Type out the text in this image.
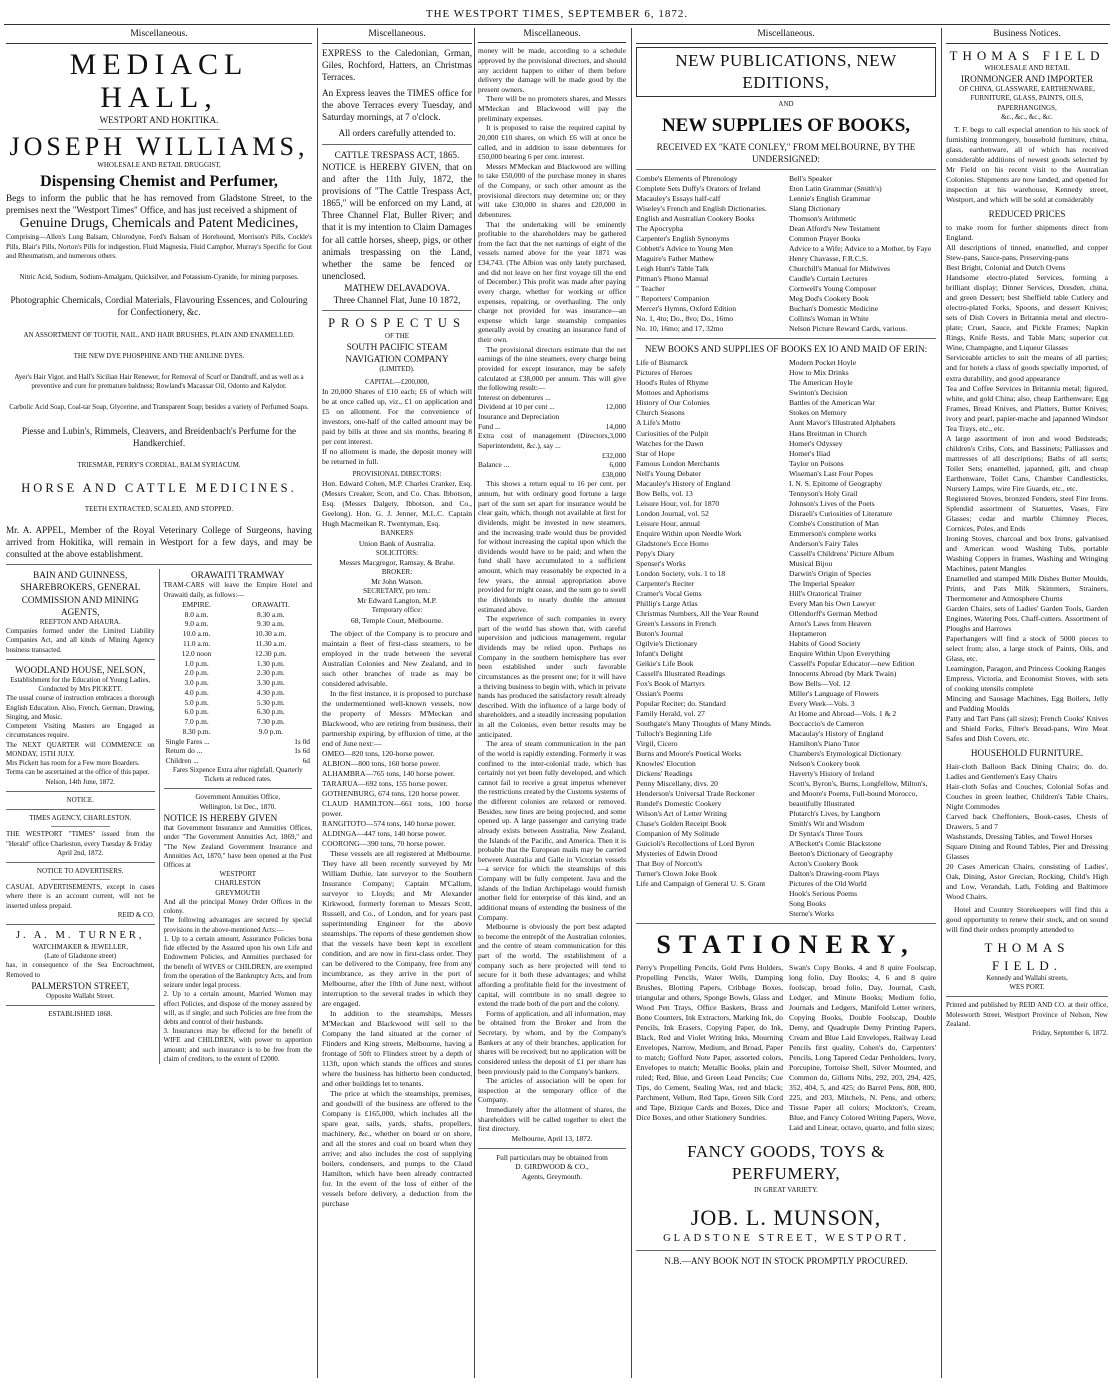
THE WESTPORT TIMES, SEPTEMBER 6, 1872.
Miscellaneous.
MEDIACL HALL,
WESTPORT AND HOKITIKA.
JOSEPH WILLIAMS,
WHOLESALE AND RETAIL DRUGGIST,
Dispensing Chemist and Perfumer,
Begs to inform the public that he has removed from Gladstone Street, to the premises next the "Westport Times" Office, and has just received a shipment of
Genuine Drugs, Chemicals and Patent Medicines,
Comprising—Allen's Lung Balsam, Chlorodyne, Ford's Balsam of Horehound, Morrison's Pills, Cockle's Pills, Blair's Pills, Norton's Pills for indigestion, Fluid Magnesia, Fluid Camphor, Murray's Specific for Gout and Rheumatism, and numerous others.
Nitric Acid, Sodium, Sodium-Amalgam, Quicksilver, and Potassium-Cyanide, for mining purposes.
Photographic Chemicals, Cordial Materials, Flavouring Essences, and Colouring for Confectionery, &c.
AN ASSORTMENT OF TOOTH, NAIL, AND HAIR BRUSHES, PLAIN AND ENAMELLED.
THE NEW DYE PHOSPHINE AND THE ANILINE DYES.
Ayer's Hair Vigor, and Hall's Sicilian Hair Renewer, for Removal of Scurf or Dandruff, and as well as a preventive and cure for premature baldness; Rowland's Macassar Oil, Odonto and Kalydor.
Carbolic Acid Soap, Coal-tar Soap, Glycerine, and Transparent Soap; besides a variety of Perfumed Soaps.
Piesse and Lubin's, Rimmels, Cleavers, and Breidenbach's Perfume for the Handkerchief.
TRIESMAR, PERRY'S CORDIAL, BALM SYRIACUM.
HORSE AND CATTLE MEDICINES.
TEETH EXTRACTED, SCALED, AND STOPPED.
Mr. A. APPEL, Member of the Royal Veterinary College of Surgeons, having arrived from Hokitika, will remain in Westport for a few days, and may be consulted at the above establishment.
BAIN AND GUINNESS, SHAREBROKERS, GENERAL COMMISSION AND MINING AGENTS,
REEFTON AND AHAURA.
Companies formed under the Limited Liability Companies Act, and all kinds of Mining Agency business transacted.
WOODLAND HOUSE, NELSON,
Establishment for the Education of Young Ladies,
Conducted by Mrs PICKETT.
The usual course of instruction embraces a thorough English Education. Also, French, German, Drawing, Singing, and Music.
Competent Visiting Masters are Engaged as circumstances require.
The NEXT QUARTER will COMMENCE on MONDAY, 15TH JULY.
Mrs Pickett has room for a Few more Boarders.
Terms can be ascertained at the office of this paper.
Nelson, 14th June, 1872.
NOTICE.
TIMES AGENCY, CHARLESTON.
THE WESTPORT "TIMES" issued from the "Herald" office Charleston, every Tuesday & Friday
April 2nd, 1872.
NOTICE TO ADVERTISERS.
CASUAL ADVERTISEMENTS, except in cases where there is an account current, will not be inserted unless prepaid.
REID & CO.
J. A. M. TURNER,
WATCHMAKER & JEWELLER,
(Late of Gladstone street)
has, in consequence of the Sea Encroachment, Removed to
PALMERSTON STREET,
Opposite Wallabi Street.
ESTABLISHED 1868.
ORAWAITI TRAMWAY
TRAM-CARS will leave the Empire Hotel and Orawaiti daily, as follows:—
EMPIRE.	ORAWAITI.
8.0 a.m.	8.30 a.m.
9.0 a.m.	9.30 a.m.
10.0 a.m.	10.30 a.m.
11.0 a.m.	11.30 a.m.
12.0 noon	12.30 p.m.
1.0 p.m.	1.30 p.m.
2.0 p.m.	2.30 p.m.
3.0 p.m.	3.30 p.m.
4.0 p.m.	4.30 p.m.
5.0 p.m.	5.30 p.m.
6.0 p.m.	6.30 p.m.
7.0 p.m.	7.30 p.m.
8.30 p.m.	9.0 p.m.
Single Fares ...	1s 0d
Return do ...	1s 6d
Children ...	6d
Fares Sixpence Extra after nightfall. Quarterly Tickets at reduced rates.
Government Annuities Office,
Wellington, 1st Dec., 1870.
NOTICE IS HEREBY GIVEN
that Government Insurance and Annuities Offices, under "The Government Annuities Act, 1869," and "The New Zealand Government Insurance and Annuities Act, 1870," have been opened at the Post Offices at
WESTPORT
CHARLESTON
GREYMOUTH
And all the principal Money Order Offices in the colony.
The following advantages are secured by special provisions in the above-mentioned Acts:—
1. Up to a certain amount, Assurance Policies bona fide effected by the Assured upon his own Life and Endowment Policies, and Annuities purchased for the benefit of WIVES or CHILDREN, are exempted from the operation of the Bankruptcy Acts, and from seizure under legal process.
2. Up to a certain amount, Married Women may effect Policies, and dispose of the money assured by will, as if single; and such Policies are free from the debts and control of their husbands.
3. Insurances may be effected for the benefit of WIFE and CHILDREN, with power to apportion amount; and such insurance is to be free from the claim of creditors, to the extent of £2000.
Miscellaneous.
EXPRESS to the Caledonian, Grman, Giles, Rochford, Hatters, an Christmas Terraces.
An Express leaves the TIMES office for the above Terraces every Tuesday, and Saturday mornings, at 7 o'clock.
All orders carefully attended to.
CATTLE TRESPASS ACT, 1865.
NOTICE is HEREBY GIVEN, that on and after the 11th July, 1872, the provisions of "The Cattle Trespass Act, 1865," will be enforced on my Land, at Three Channel Flat, Buller River; and that it is my intention to Claim Damages for all cattle horses, sheep, pigs, or other animals trespassing on the Land, whether the same be fenced or unenclosed.
MATHEW DELAVADOVA.
Three Channel Flat, June 10 1872,
PROSPECTUS
OF THE
SOUTH PACIFIC STEAM NAVIGATION COMPANY
(LIMITED).
CAPITAL—£200,000,
In 20,000 Shares of £10 each; £6 of which will be at once called up, viz., £1 on application and £5 on allotment. For the convenience of investors, one-half of the called amount may be paid by bills at three and six months, bearing 8 per cent interest.
If no allotment is made, the deposit money will be returned in full.
PROVISIONAL DIRECTORS:
Hon. Edward Cohen, M.P. Charles Cranker, Esq. (Messrs Creaker, Scott, and Co. Chas. Ibbotson, Esq. (Messrs Dalgety, Ibbotson, and Co., Geelong). Hon. G. J. Jenner, M.L.C. Captain Hugh Macmeikan R. Twentyman, Esq.
BANKERS
Union Bank of Australia.
SOLICITORS:
Messrs Macgregor, Ramsay, & Brahe.
BROKER:
Mr John Watson.
SECRETARY, pro tem.:
Mr Edward Langton, M.P.
Temporary office:
68, Temple Court, Melbourne.
The object of the Company is to procure and maintain a fleet of first-class steamers, to be employed in the trade between the several Australian Colonies and New Zealand, and in such other branches of trade as may be considered advisable.
In the first instance, it is proposed to purchase the undermentioned well-known vessels, now the property of Messrs M'Meckan and Blackwood, who are retiring from business, their partnership expiring, by effluxion of time, at the end of June next:—
OMEO—820 tons, 120-horse power.
ALBION—800 tons, 160 horse power.
ALHAMBRA—765 tons, 140 horse power.
TARARUA—692 tons, 155 horse power.
GOTHENBURG, 674 tons, 120 horse power.
CLAUD HAMILTON—661 tons, 100 horse power.
RANGITOTO—574 tons, 140 horse power.
ALDINGA—447 tons, 140 horse power.
COORONG—390 tons, 70 horse power.
These vessels are all registered at Melbourne. They have all been recently surveyed by Mr William Duthie, late surveyor to the Southern Insurance Company; Captain M'Callum, surveyor to Lloyds; and Mr Alexander Kirkwood, formerly foreman to Messrs Scott, Russell, and Co., of London, and for years past superintending Engineer for the above steamships. The reports of these gentlemen show that the vessels have been kept in excellent condition, and are now in first-class order. They can be delivered to the Company, free from any incumbrance, as they arrive in the port of Melbourne, after the 10th of June next, without interruption to the several trades in which they are engaged.
In addition to the steamships, Messrs M'Meckan and Blackwood will sell to the Company the land situated at the corner of Flinders and King streets, Melbourne, having a frontage of 50ft to Flinders street by a depth of 113ft, upon which stands the offices and stores where the business has hitherto been conducted, and other buildings let to tenants.
The price at which the steamships, premises, and goodwill of the business are offered to the Company is £165,000, which includes all the spare gear, sails, yards, shafts, propellers, machinery, &c., whether on board or on shore, and all the stores and coal on board when they arrive; and also includes the cost of supplying boilers, condensers, and pumps to the Claud Hamilton, which have been already contracted for. In the event of the loss of either of the vessels before delivery, a deduction from the purchase
Miscellaneous.
NEW PUBLICATIONS, NEW EDITIONS,
AND
NEW SUPPLIES OF BOOKS,
RECEIVED EX "KATE CONLEY," FROM MELBOURNE, BY THE UNDERSIGNED:
Combe's Elements of Phrenology
Complete Sets Duffy's Orators of Ireland
Macauley's Essays half-calf
Wiseley's French and English Dictionaries.
English and Australian Cookery Books
The Apocrypha
Carpenter's English Synonyms
Cobbett's Advice to Young Men
Maguire's Father Mathew
Leigh Hunt's Table Talk
Pitman's Phono Manual
" Teacher
" Reporters' Companion
Mercer's Hymns, Oxford Edition
No. 1, 4to; Do., 8vo; Do., 16mo
No. 10, 16mo; and 17, 32mo
Bell's Speaker
Eton Latin Grammar (Smith's)
Lennie's English Grammar
Slang Dictionary
Thomson's Arithmetic
Dean Alford's New Testament
Common Prayer Books
Advice to a Wife; Advice to a Mother, by Faye Henry Chavasse, F.R.C.S.
Churchill's Manual for Midwives
Caudle's Curtain Lectures
Cornwell's Young Composer
Meg Dod's Cookery Book
Buchan's Domestic Medicine
Collins's Woman in White
Nelson Picture Reward Cards, various.
NEW BOOKS AND SUPPLIES OF BOOKS EX IO AND MAID OF ERIN:
Life of Bismarck
Pictures of Heroes
Hood's Rules of Rhyme
Mottoes and Aphorisms
History of Our Colonies
Church Seasons
A Life's Motto
Curiosities of the Pulpit
Watches for the Dawn
Star of Hope
Famous London Merchants
Nell's Young Debater
Macauley's History of England
Bow Bells, vol. 13
Leisure Hour, vol. for 1870
London Journal, vol. 52
Leisure Hour, annual
Enquire Within upon Needle Work
Gladstone's Ecce Homo
Pepy's Diary
Spenser's Works
London Society, vols. 1 to 18
Carpenter's Reciter
Cramer's Vocal Gems
Phillip's Large Atlas
Christmas Numbers, All the Year Round
Green's Lessons in French
Buton's Journal
Ogilvie's Dictionary
Infant's Delight
Geikie's Life Book
Cassell's Illustrated Readings
Fox's Book of Martyrs
Ossian's Poems
Popular Reciter; do. Standard
Family Herald, vol. 27
Southgate's Many Thoughts of Many Minds.
Tulloch's Beginning Life
Virgil, Cicero
Burns and Moore's Poetical Works
Knowles' Elocution
Dickens' Readings
Penny Miscellany, divs. 20
Henderson's Universal Trade Reckoner
Rundel's Domestic Cookery
Wilson's Art of Letter Writing
Chase's Golden Receipt Book
Companion of My Solitude
Guicioli's Recollections of Lord Byron
Mysteries of Edwin Drood
That Boy of Norcott's
Turner's Clown Joke Book
Life and Campaign of General U. S. Grant
Modern Pocket Hoyle
How to Mix Drinks
The American Hoyle
Swinton's Decision
Battles of the American War
Stokes on Memory
Aunt Mavor's Illustrated Alphabets
Hans Breitman in Church
Homer's Odyssey
Homer's Iliad
Taylor on Poisons
Wiseman's Last Four Popes
I. N. S. Epitome of Geography
Tennyson's Holy Grail
Johnson's Lives of the Poets
Disraeli's Curiosities of Literature
Combe's Constitution of Man
Emmerson's complete works
Anderson's Fairy Tales
Cassell's Childrens' Picture Album
Musical Bijou
Darwin's Origin of Species
The Imperial Speaker
Hill's Oratorical Trainer
Every Man his Own Lawyer
Ollendorff's German Method
Arnot's Laws from Heaven
Heptameron
Habits of Good Society
Enquire Within Upon Everything
Cassell's Popular Educator—new Edition
Innocents Abroad (by Mark Twain)
Bow Bells—Vol. 12
Miller's Language of Flowers
Every Week—Vols. 3
At Home and Abroad—Vols. 1 & 2
Boccaccio's de Cameron
Macaulay's History of England
Hamilton's Piano Tutor
Chambers's Etymological Dictionary
Nelson's Cookery book
Haverty's History of Ireland
Scott's, Byron's, Burns, Longfellow, Milton's, and Moore's Poems, Full-bound Morocco, beautifully Illustrated
Plutarch's Lives, by Langhorn
Smith's Wit and Wisdom
Dr Syntax's Three Tours
A'Beckett's Comic Blackstone
Beeton's Dictionary of Geography
Acton's Cookery Book
Dalton's Drawing-room Plays
Pictures of the Old World
Hook's Serious Poems
Song Books
Sterne's Works
STATIONERY,
Perry's Propelling Pencils, Gold Pens Holders, Propelling Pencils, Water Wells, Damping Brushes, Blotting Papers, Cribbage Boxes, triangular and others, Sponge Bowls, Glass and Wood Pen Trays, Office Baskets, Brass and Bone Counters, Ink Extractors, Marking Ink, do Pencils, Ink Erasers, Copying Paper, do Ink, Black, Red and Violet Writing Inks, Mourning Envelopes, Narrow, Medium, and Broad, Paper to match; Gofford Note Paper, assorted colors, Envelopes to match; Metallic Books, plain and ruled; Red, Blue, and Green Lead Pencils; Cue Tips, do Cement, Sealing Wax, red and black; Parchment, Vellum, Red Tape, Green Silk Cord and Tape, Bizique Cards and Boxes, Dice and Dice Boxes, and other Stationery Sundries.
Swan's Copy Books, 4 and 8 quire Foolscap, long folio, Day Books; 4, 6 and 8 quire foolscap, broad folio, Day, Journal, Cash, Ledger, and Minute Books; Medium folio, Journals and Ledgers, Manifold Letter writers, Copying Books, Double Foolscap, Double Demy, and Quadruple Demy Printing Papers, Cream and Blue Laid Envelopes, Railway Lead Pencils first quality, Cohen's do, Carpenters' Pencils, Long Tapered Cedar Penholders, Ivory, Porcupine, Tortoise Shell, Silver Mounted, and Common do, Gillotts Nibs, 292, 203, 294, 425, 352, 404, 5, and 425; do Barrel Pens, 808, 800, 225, and 203, Mitchels, N. Pens, and others; Tissue Paper all colors; Mockton's, Cream, Blue, and Fancy Colored Writing Papers, Wove, Laid and Linear, octavo, quarto, and folio sizes;
FANCY GOODS, TOYS & PERFUMERY,
IN GREAT VARIETY.
JOB. L. MUNSON,
GLADSTONE STREET, WESTPORT.
N.B.—ANY BOOK NOT IN STOCK PROMPTLY PROCURED.
Business Notices.
THOMAS FIELD
WHOLESALE AND RETAIL
IRONMONGER AND IMPORTER
OF CHINA, GLASSWARE, EARTHENWARE,
FURNITURE, GLASS, PAINTS, OILS, PAPERHANGINGS,
&c., &c., &c., &c.
T. F. begs to call especial attention to his stock of furnishing ironmongery, household furniture, china, glass, earthenware, all of which has received considerable additions of newest goods selected by Mr Field on his recent visit to the Australian Colonies. Shipments are now landed, and opened for inspection at his warehouse, Kennedy street, Westport, and which will be sold at considerably
REDUCED PRICES
to make room for further shipments direct from England.
All descriptions of tinned, enamelled, and copper Stew-pans, Sauce-pans, Preserving-pans
Best Bright, Colonial and Dutch Ovens
Handsome electro-plated Services, forming a brilliant display; Dinner Services, Dresden, china, and green Dessert; best Sheffield table Cutlery and electro-plated Forks, Spoons, and dessert Knives; sets of Dish Covers in Britannia metal and electro-plate; Cruet, Sauce, and Pickle Frames; Napkin Rings, Knife Rests, and Table Mats; superior cut Wine, Champagne, and Liqueur Glasses
Serviceable articles to suit the means of all parties; and for hotels a class of goods specially imported, of extra durability, and good appearance
Tea and Coffee Services in Britannia metal; figured, white, and gold China; also, cheap Earthenware; Egg Frames, Bread Knives, and Platters, Butter Knives; ivory and pearl, papier-mache and japanned Windsor Tea Trays, etc., etc.
A large assortment of iron and wood Bedsteads; children's Cribs, Cots, and Bassinets; Palliasses and mattresses of all descriptions; Baths of all sorts; Toilet Sets; enamelled, japanned, gilt, and cheap Earthenware, Toilet Cans, Chamber Candlesticks, Nursery Lamps, wire Fire Guards, etc., etc.
Registered Stoves, bronzed Fenders, steel Fire Irons. Splendid assortment of Statuettes, Vases, Fire Glasses; cedar and marble Chimney Pieces, Cornices, Poles, and Ends
Ironing Stoves, charcoal and box Irons, galvanised and American wood Washing Tubs, portable Washing Coppers in frames, Washing and Wringing Machines, patent Mangles
Enamelled and stamped Milk Dishes Butter Moulds, Prints, and Pats Milk Skimmers, Strainers, Thermometer and Atmosphere Churns
Garden Chairs, sets of Ladies' Garden Tools, Garden Engines, Watering Pots, Chaff-cutters. Assortment of Ploughs and Harrows
Paperhangers will find a stock of 5000 pieces to select from; also, a large stock of Paints, Oils, and Glass, etc.
Leamington, Paragon, and Princess Cooking Ranges
Empress, Victoria, and Economist Stoves, with sets of cooking utensils complete
Mincing and Sausage Machines, Egg Boilers, Jelly and Pudding Moulds
Patty and Tart Pans (all sizes); French Cooks' Knives and Shield Forks, Filter's Bread-pans, Wire Meat Safes and Dish Covers, etc.
HOUSEHOLD FURNITURE.
Hair-cloth Balloon Back Dining Chairs; do. do. Ladies and Gentlemen's Easy Chairs
Hair-cloth Sofas and Couches, Colonial Sofas and Couches in green leather, Children's Table Chairs, Night Commodes
Carved back Cheffoniers, Book-cases, Chests of Drawers, 5 and 7
Washstands, Dressing Tables, and Towel Horses
Square Dining and Round Tables, Pier and Dressing Glasses
20 Cases American Chairs, consisting of Ladies', Oak, Dining, Astor Grecian, Rocking, Child's High and Low, Verandah, Lath, Folding and Baltimore Wood Chairs.
Hotel and Country Storekeepers will find this a good opportunity to renew their stock, and on sound will find their orders promptly attended to
THOMAS FIELD.
Kennedy and Wallabi streets,
WES PORT.
Printed and published by REID AND CO. at their office, Molesworth Street, Westport Province of Nelson, New Zealand.
Friday, September 6, 1872.
Miscellaneous.
money will be made, according to a schedule approved by the provisional directors, and should any accident happen to either of them before delivery the damage will be made good by the present owners.
There will be no promoters shares, and Messrs M'Meckan and Blackwood will pay the preliminary expenses.
It is proposed to raise the required capital by 20,000 £10 shares, on which £6 will at once be called, and in addition to issue debentures for £50,000 bearing 6 per cent. interest.
Messrs M'Meckan and Blackwood are willing to take £50,000 of the purchase money in shares of the Company, or such other amount as the provisional directors may determine on; or they will take £30,000 in shares and £20,000 in debentures.
That the undertaking will be eminently profitable to the shareholders may be gathered from the fact that the net earnings of eight of the vessels named above for the year 1871 was £34,743. (The Albion was only lately purchased, and did not leave on her first voyage till the end of December.) This profit was made after paying every charge, whether for working or office expenses, repairing, or overhauling. The only charge not provided for was insurance—an expense which large steamship companies generally avoid by creating an insurance fund of their own.
The provisional directors estimate that the net earnings of the nine steamers, every charge being provided for except insurance, may be safely calculated at £38,000 per annum. This will give the following result:—
Interest on debentures ...
Dividend at 10 per cent ...	12,000
Insurance and Depreciation
Fund ...	14,000
Extra cost of management (Directors, Superintendent, &c.), say ...
3,000
£32,000
Balance ...	6,000
£38,000
This shows a return equal to 16 per cent. per annum, but with ordinary good fortune a large part of the sum set apart for insurance would be clear gain, which, though not available at first for dividends, might be invested in new steamers, and the increasing trade would thus be provided for without increasing the capital upon which the dividends would have to be paid; and when the fund shall have accumulated to a sufficient amount, which may reasonably be expected in a few years, the annual appropriation above provided for might cease, and the sum go to swell the dividends to nearly double the amount estimated above.
The experience of such companies in every part of the world has shown that, with careful supervision and judicious management, regular dividends may be relied upon. Perhaps no Company in the southern hemisphere has ever been established under such favorable circumstances as the present one; for it will have a thriving business to begin with, which in private hands has produced the satisfactory result already described. With the influence of a large body of shareholders, and a steadily increasing population in all the Colonies, even better results may be anticipated.
The area of steam communication in the part of the world is rapidly extending. Formerly it was confined to the inter-colonial trade, which has certainly not yet been fully developed, and which cannot fail to receive a great impetus whenever the restrictions created by the Customs systems of the different colonies are relaxed or removed. Besides, new lines are being projected, and some opened up. A large passenger and carrying trade already exists between Australia, New Zealand, the Islands of the Pacific, and America. Then it is probable that the European mails may be carried between Australia and Galle in Victorian vessels—a service for which the steamships of this Company will be fully competent. Java and the islands of the Indian Archipelago would furnish another field for enterprise of this kind, and an additional means of extending the business of the Company.
Melbourne is obviously the port best adapted to become the entrepôt of the Australian colonies, and the centre of steam communication for this part of the world. The establishment of a company such as here projected will tend to secure for it both these advantages; and whilst affording a profitable field for the investment of capital, will contribute in no small degree to extend the trade both of the port and the colony.
Forms of application, and all information, may be obtained from the Broker and from the Secretary, by whom, and by the Company's Bankers at any of their branches, application for shares will be received; but no application will be considered unless the deposit of £1 per share has been previously paid to the Company's bankers.
The articles of association will be open for inspection at the temporary office of the Company.
Immediately after the allotment of shares, the shareholders will be called together to elect the first directory.
Melbourne, April 13, 1872.
Full particulars may be obtained from
D. GIRDWOOD & CO.,
Agents, Greymouth.
